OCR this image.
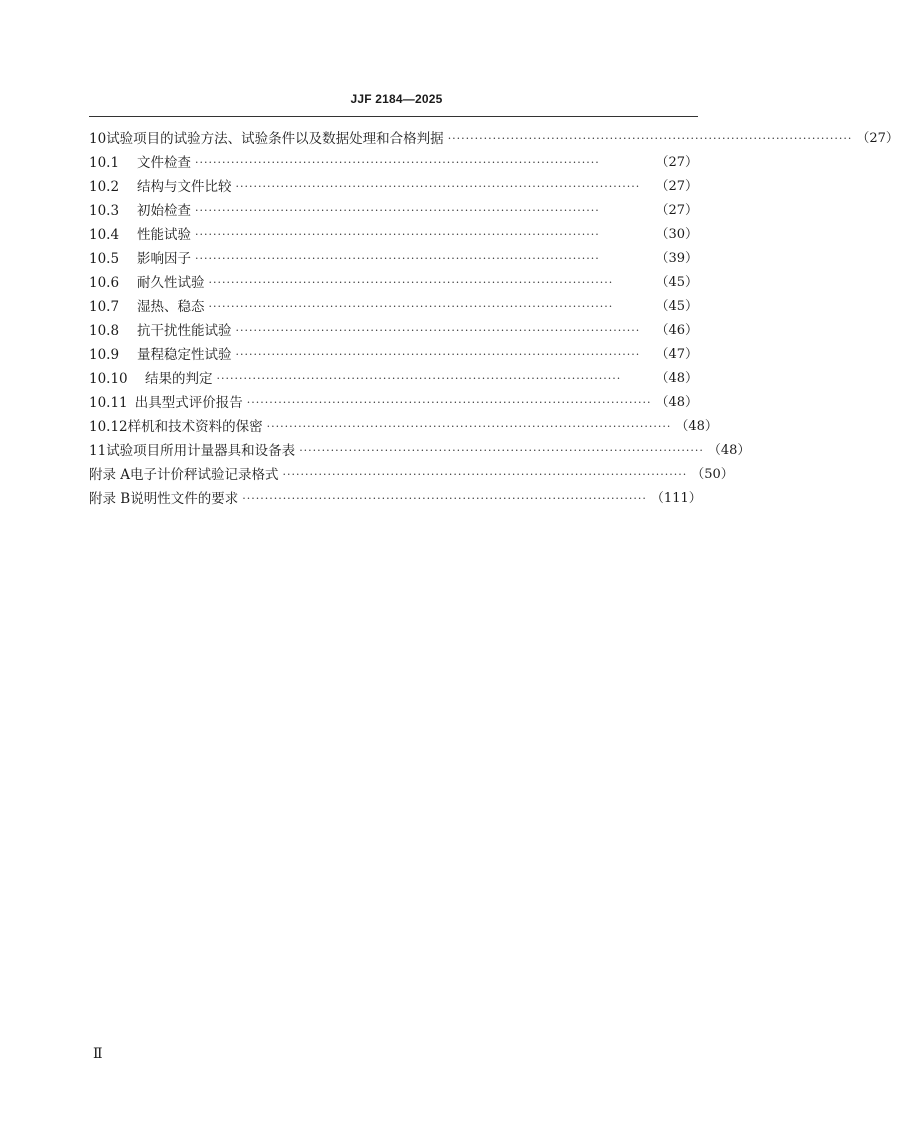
JJF 2184—2025
10 试验项目的试验方法、试验条件以及数据处理和合格判据 ·························································································· （27）
10.1	文件检查 ··························································································	（27）
10.2	结构与文件比较 ··························································································	（27）
10.3	初始检查 ··························································································	（27）
10.4	性能试验 ··························································································	（30）
10.5	影响因子 ··························································································	（39）
10.6	耐久性试验 ··························································································	（45）
10.7	湿热、稳态 ··························································································	（45）
10.8	抗干扰性能试验 ··························································································	（46）
10.9	量程稳定性试验 ··························································································	（47）
10.10	结果的判定 ··························································································	（48）
10.11 出具型式评价报告 ·························································································· （48）
10.12 样机和技术资料的保密 ·························································································· （48）
11 试验项目所用计量器具和设备表 ·························································································· （48）
附录 A 电子计价秤试验记录格式 ·························································································· （50）
附录 B 说明性文件的要求 ·························································································· （111）
Ⅱ
